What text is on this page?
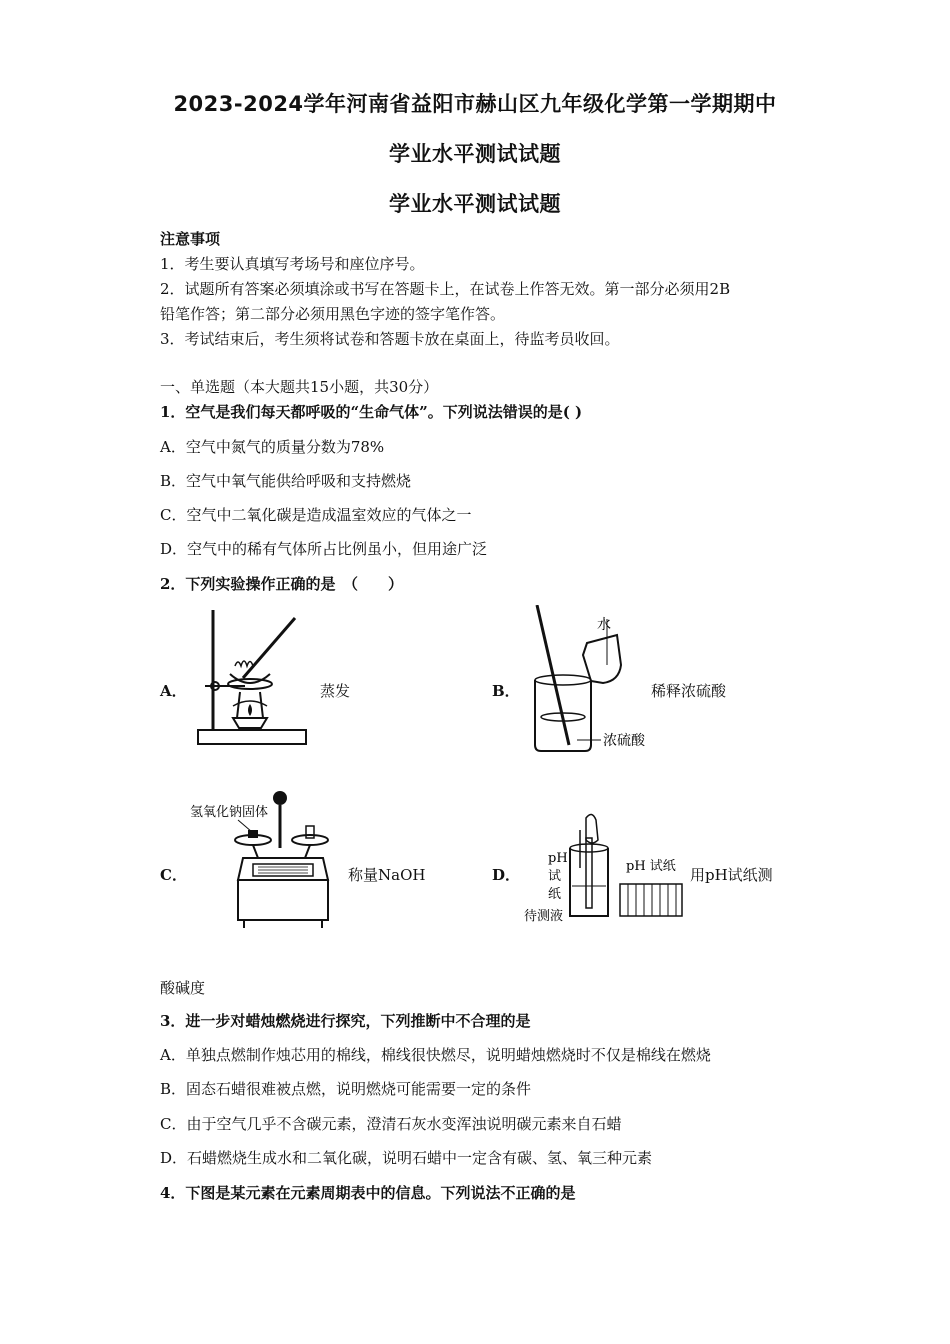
2023-2024学年河南省益阳市赫山区九年级化学第一学期期中
学业水平测试试题
学业水平测试试题
注意事项
1．考生要认真填写考场号和座位序号。
2．试题所有答案必须填涂或书写在答题卡上，在试卷上作答无效。第一部分必须用2B
铅笔作答；第二部分必须用黑色字迹的签字笔作答。
3．考试结束后，考生须将试卷和答题卡放在桌面上，待监考员收回。
一、单选题（本大题共15小题，共30分）
1．空气是我们每天都呼吸的“生命气体”。下列说法错误的是( )
A．空气中氮气的质量分数为78%
B．空气中氧气能供给呼吸和支持燃烧
C．空气中二氧化碳是造成温室效应的气体之一
D．空气中的稀有气体所占比例虽小，但用途广泛
2．下列实验操作正确的是　（　　）
A．	蒸发	B．
水
浓硫酸
稀释浓硫酸
C．
氢氧化钠固体
称量NaOH	D．
pH
试
纸
待测液
pH 试纸 用pH试纸测
酸碱度
3．进一步对蜡烛燃烧进行探究，下列推断中不合理的是
A．单独点燃制作烛芯用的棉线，棉线很快燃尽，说明蜡烛燃烧时不仅是棉线在燃烧
B．固态石蜡很难被点燃，说明燃烧可能需要一定的条件
C．由于空气几乎不含碳元素，澄清石灰水变浑浊说明碳元素来自石蜡
D．石蜡燃烧生成水和二氧化碳，说明石蜡中一定含有碳、氢、氧三种元素
4．下图是某元素在元素周期表中的信息。下列说法不正确的是
